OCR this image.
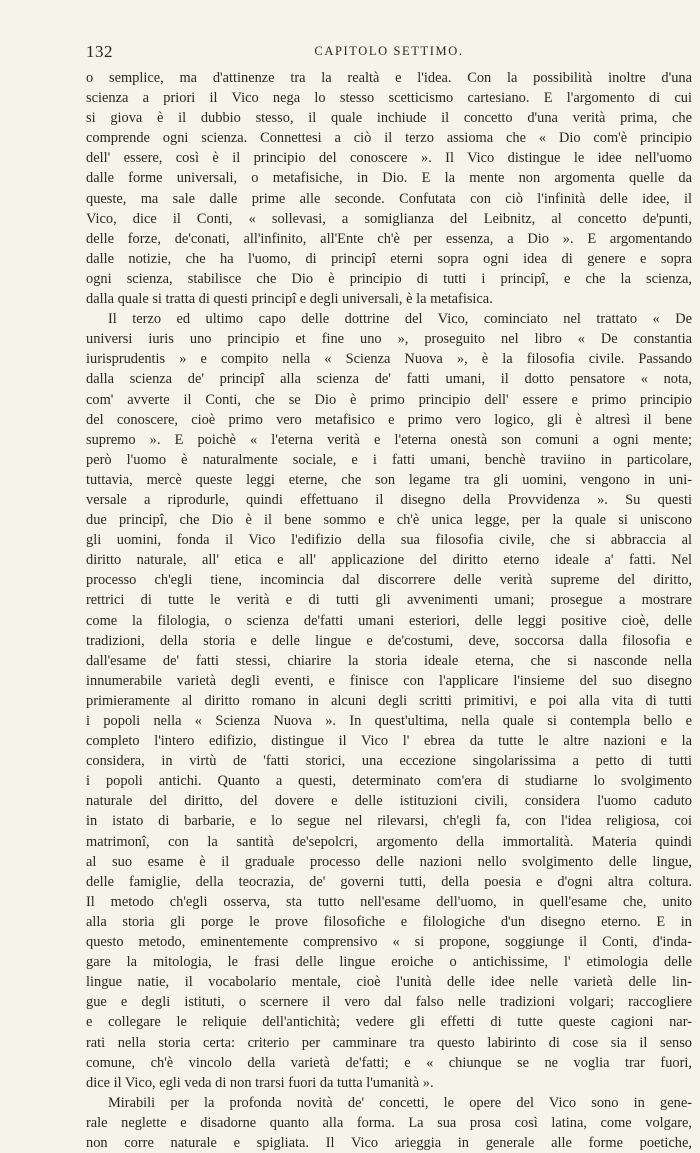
132	CAPITOLO SETTIMO.
o semplice, ma d'attinenze tra la realtà e l'idea. Con la possibilità inoltre d'una
scienza a priori il Vico nega lo stesso scetticismo cartesiano. E l'argomento di cui
si giova è il dubbio stesso, il quale inchiude il concetto d'una verità prima, che
comprende ogni scienza. Connettesi a ciò il terzo assioma che « Dio com'è principio
dell' essere, così è il principio del conoscere ». Il Vico distingue le idee nell'uomo
dalle forme universali, o metafisiche, in Dio. E la mente non argomenta quelle da
queste, ma sale dalle prime alle seconde. Confutata con ciò l'infinità delle idee, il
Vico, dice il Conti, « sollevasi, a somiglianza del Leibnitz, al concetto de'punti,
delle forze, de'conati, all'infinito, all'Ente ch'è per essenza, a Dio ». E argomentando
dalle notizie, che ha l'uomo, di principî eterni sopra ogni idea di genere e sopra
ogni scienza, stabilisce che Dio è principio di tutti i principî, e che la scienza,
dalla quale si tratta di questi principî e degli universali, è la metafisica.
Il terzo ed ultimo capo delle dottrine del Vico, cominciato nel trattato « De
universi iuris uno principio et fine uno », proseguito nel libro « De constantia
iurisprudentis » e compito nella « Scienza Nuova », è la filosofia civile. Passando
dalla scienza de' principî alla scienza de' fatti umani, il dotto pensatore « nota,
com' avverte il Conti, che se Dio è primo principio dell' essere e primo principio
del conoscere, cioè primo vero metafisico e primo vero logico, gli è altresì il bene
supremo ». E poichè « l'eterna verità e l'eterna onestà son comuni a ogni mente;
però l'uomo è naturalmente sociale, e i fatti umani, benchè traviino in particolare,
tuttavia, mercè queste leggi eterne, che son legame tra gli uomini, vengono in uni-
versale a riprodurle, quindi effettuano il disegno della Provvidenza ». Su questi
due principî, che Dio è il bene sommo e ch'è unica legge, per la quale si uniscono
gli uomini, fonda il Vico l'edifizio della sua filosofia civile, che si abbraccia al
diritto naturale, all' etica e all' applicazione del diritto eterno ideale a' fatti. Nel
processo ch'egli tiene, incomincia dal discorrere delle verità supreme del diritto,
rettrici di tutte le verità e di tutti gli avvenimenti umani; prosegue a mostrare
come la filologia, o scienza de'fatti umani esteriori, delle leggi positive cioè, delle
tradizioni, della storia e delle lingue e de'costumi, deve, soccorsa dalla filosofia e
dall'esame de' fatti stessi, chiarire la storia ideale eterna, che si nasconde nella
innumerabile varietà degli eventi, e finisce con l'applicare l'insieme del suo disegno
primieramente al diritto romano in alcuni degli scritti primitivi, e poi alla vita di tutti
i popoli nella « Scienza Nuova ». In quest'ultima, nella quale si contempla bello e
completo l'intero edifizio, distingue il Vico l' ebrea da tutte le altre nazioni e la
considera, in virtù de 'fatti storici, una eccezione singolarissima a petto di tutti
i popoli antichi. Quanto a questi, determinato com'era di studiarne lo svolgimento
naturale del diritto, del dovere e delle istituzioni civili, considera l'uomo caduto
in istato di barbarie, e lo segue nel rilevarsi, ch'egli fa, con l'idea religiosa, coi
matrimonî, con la santità de'sepolcri, argomento della immortalità. Materia quindi
al suo esame è il graduale processo delle nazioni nello svolgimento delle lingue,
delle famiglie, della teocrazia, de' governi tutti, della poesia e d'ogni altra coltura.
Il metodo ch'egli osserva, sta tutto nell'esame dell'uomo, in quell'esame che, unito
alla storia gli porge le prove filosofiche e filologiche d'un disegno eterno. E in
questo metodo, eminentemente comprensivo « si propone, soggiunge il Conti, d'inda-
gare la mitologia, le frasi delle lingue eroiche o antichissime, l' etimologia delle
lingue natie, il vocabolario mentale, cioè l'unità delle idee nelle varietà delle lin-
gue e degli istituti, o scernere il vero dal falso nelle tradizioni volgari; raccogliere
e collegare le reliquie dell'antichità; vedere gli effetti di tutte queste cagioni nar-
rati nella storia certa: criterio per camminare tra questo labirinto di cose sia il senso
comune, ch'è vincolo della varietà de'fatti; e « chiunque se ne voglia trar fuori,
dice il Vico, egli veda di non trarsi fuori da tutta l'umanità ».
Mirabili per la profonda novità de' concetti, le opere del Vico sono in gene-
rale neglette e disadorne quanto alla forma. La sua prosa così latina, come volgare,
non corre naturale e spigliata. Il Vico arieggia in generale alle forme poetiche,
